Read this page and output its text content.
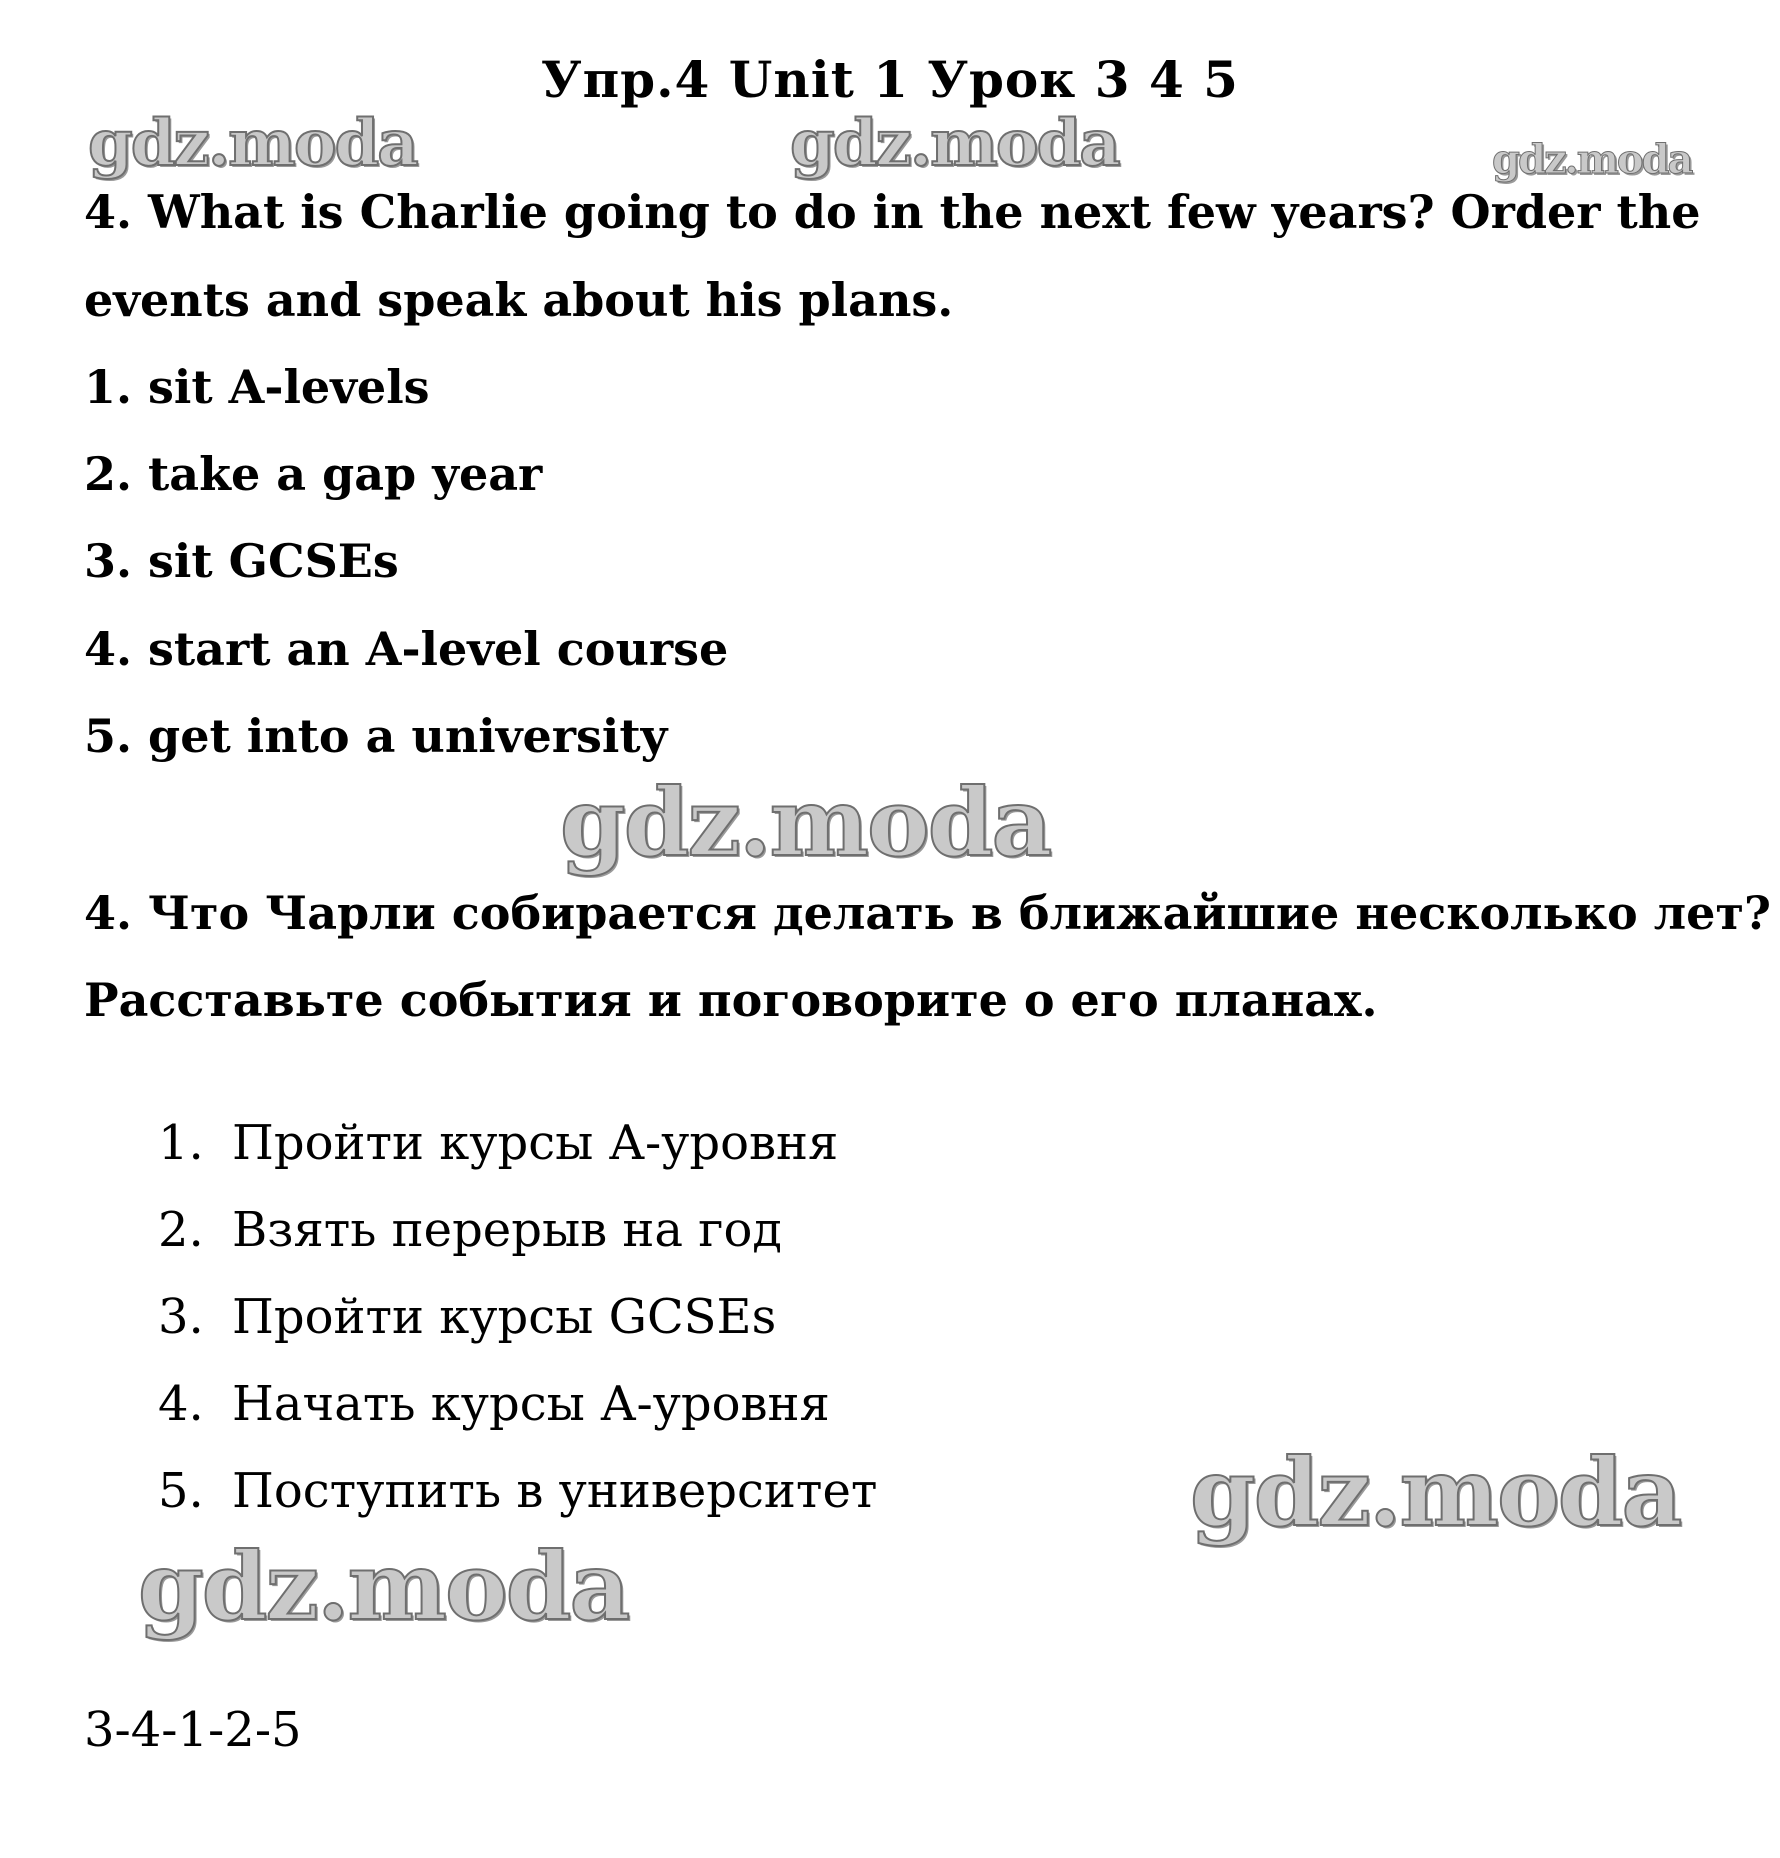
Упр.4 Unit 1 Урок 3 4 5
gdz.moda	gdz.moda	gdz.moda
4. What is Charlie going to do in the next few years? Order the
events and speak about his plans.
1. sit A-levels
2. take a gap year
3. sit GCSEs
4. start an A-level course
5. get into a university
gdz.moda
4. Что Чарли собирается делать в ближайшие несколько лет?
Расставьте события и поговорите о его планах.
1. Пройти курсы А-уровня
2. Взять перерыв на год
3. Пройти курсы GCSEs
4. Начать курсы А-уровня
5. Поступить в университет	gdz.moda
gdz.moda
3-4-1-2-5
